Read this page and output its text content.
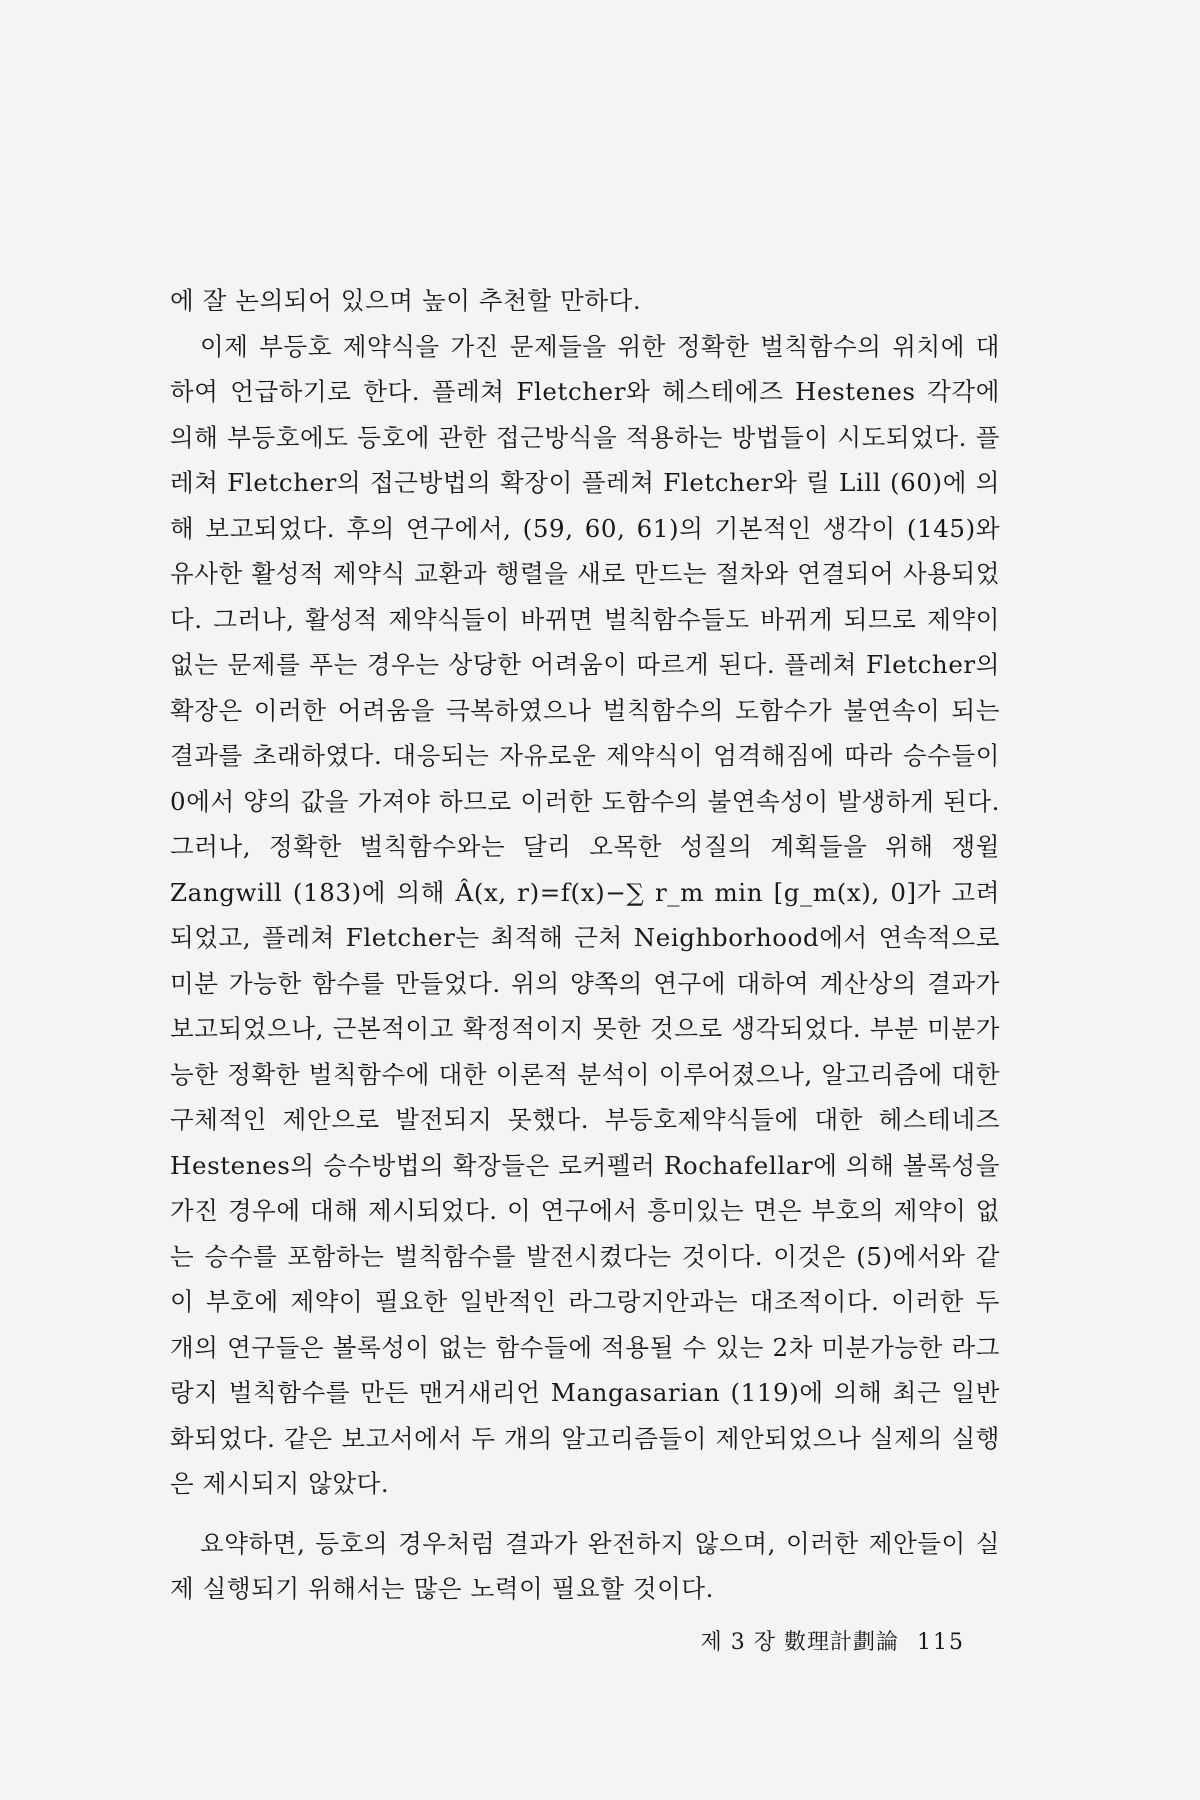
에 잘 논의되어 있으며 높이 추천할 만하다.

이제 부등호 제약식을 가진 문제들을 위한 정확한 벌칙함수의 위치에 대하여 언급하기로 한다. 플레쳐 Fletcher와 헤스테에즈 Hestenes 각각에 의해 부등호에도 등호에 관한 접근방식을 적용하는 방법들이 시도되었다. 플레쳐 Fletcher의 접근방법의 확장이 플레쳐 Fletcher와 릴 Lill (60)에 의해 보고되었다. 후의 연구에서, (59, 60, 61)의 기본적인 생각이 (145)와 유사한 활성적 제약식 교환과 행렬을 새로 만드는 절차와 연결되어 사용되었다. 그러나, 활성적 제약식들이 바뀌면 벌칙함수들도 바뀌게 되므로 제약이 없는 문제를 푸는 경우는 상당한 어려움이 따르게 된다. 플레쳐 Fletcher의 확장은 이러한 어려움을 극복하였으나 벌칙함수의 도함수가 불연속이 되는 결과를 초래하였다. 대응되는 자유로운 제약식이 엄격해짐에 따라 승수들이 0에서 양의 값을 가져야 하므로 이러한 도함수의 불연속성이 발생하게 된다. 그러나, 정확한 벌칙함수와는 달리 오목한 성질의 계획들을 위해 쟁윌 Zangwill (183)에 의해 Â(x, r)=f(x)−∑ r_m min [g_m(x), 0]가 고려되었고, 플레쳐 Fletcher는 최적해 근처 Neighborhood에서 연속적으로 미분 가능한 함수를 만들었다. 위의 양쪽의 연구에 대하여 계산상의 결과가 보고되었으나, 근본적이고 확정적이지 못한 것으로 생각되었다. 부분 미분가능한 정확한 벌칙함수에 대한 이론적 분석이 이루어졌으나, 알고리즘에 대한 구체적인 제안으로 발전되지 못했다. 부등호제약식들에 대한 헤스테네즈 Hestenes의 승수방법의 확장들은 로커펠러 Rochafellar에 의해 볼록성을 가진 경우에 대해 제시되었다. 이 연구에서 흥미있는 면은 부호의 제약이 없는 승수를 포함하는 벌칙함수를 발전시켰다는 것이다. 이것은 (5)에서와 같이 부호에 제약이 필요한 일반적인 라그랑지안과는 대조적이다. 이러한 두 개의 연구들은 볼록성이 없는 함수들에 적용될 수 있는 2차 미분가능한 라그랑지 벌칙함수를 만든 맨거새리언 Mangasarian (119)에 의해 최근 일반화되었다. 같은 보고서에서 두 개의 알고리즘들이 제안되었으나 실제의 실행은 제시되지 않았다.

요약하면, 등호의 경우처럼 결과가 완전하지 않으며, 이러한 제안들이 실제 실행되기 위해서는 많은 노력이 필요할 것이다.

제 3 장 數理計劃論 115
